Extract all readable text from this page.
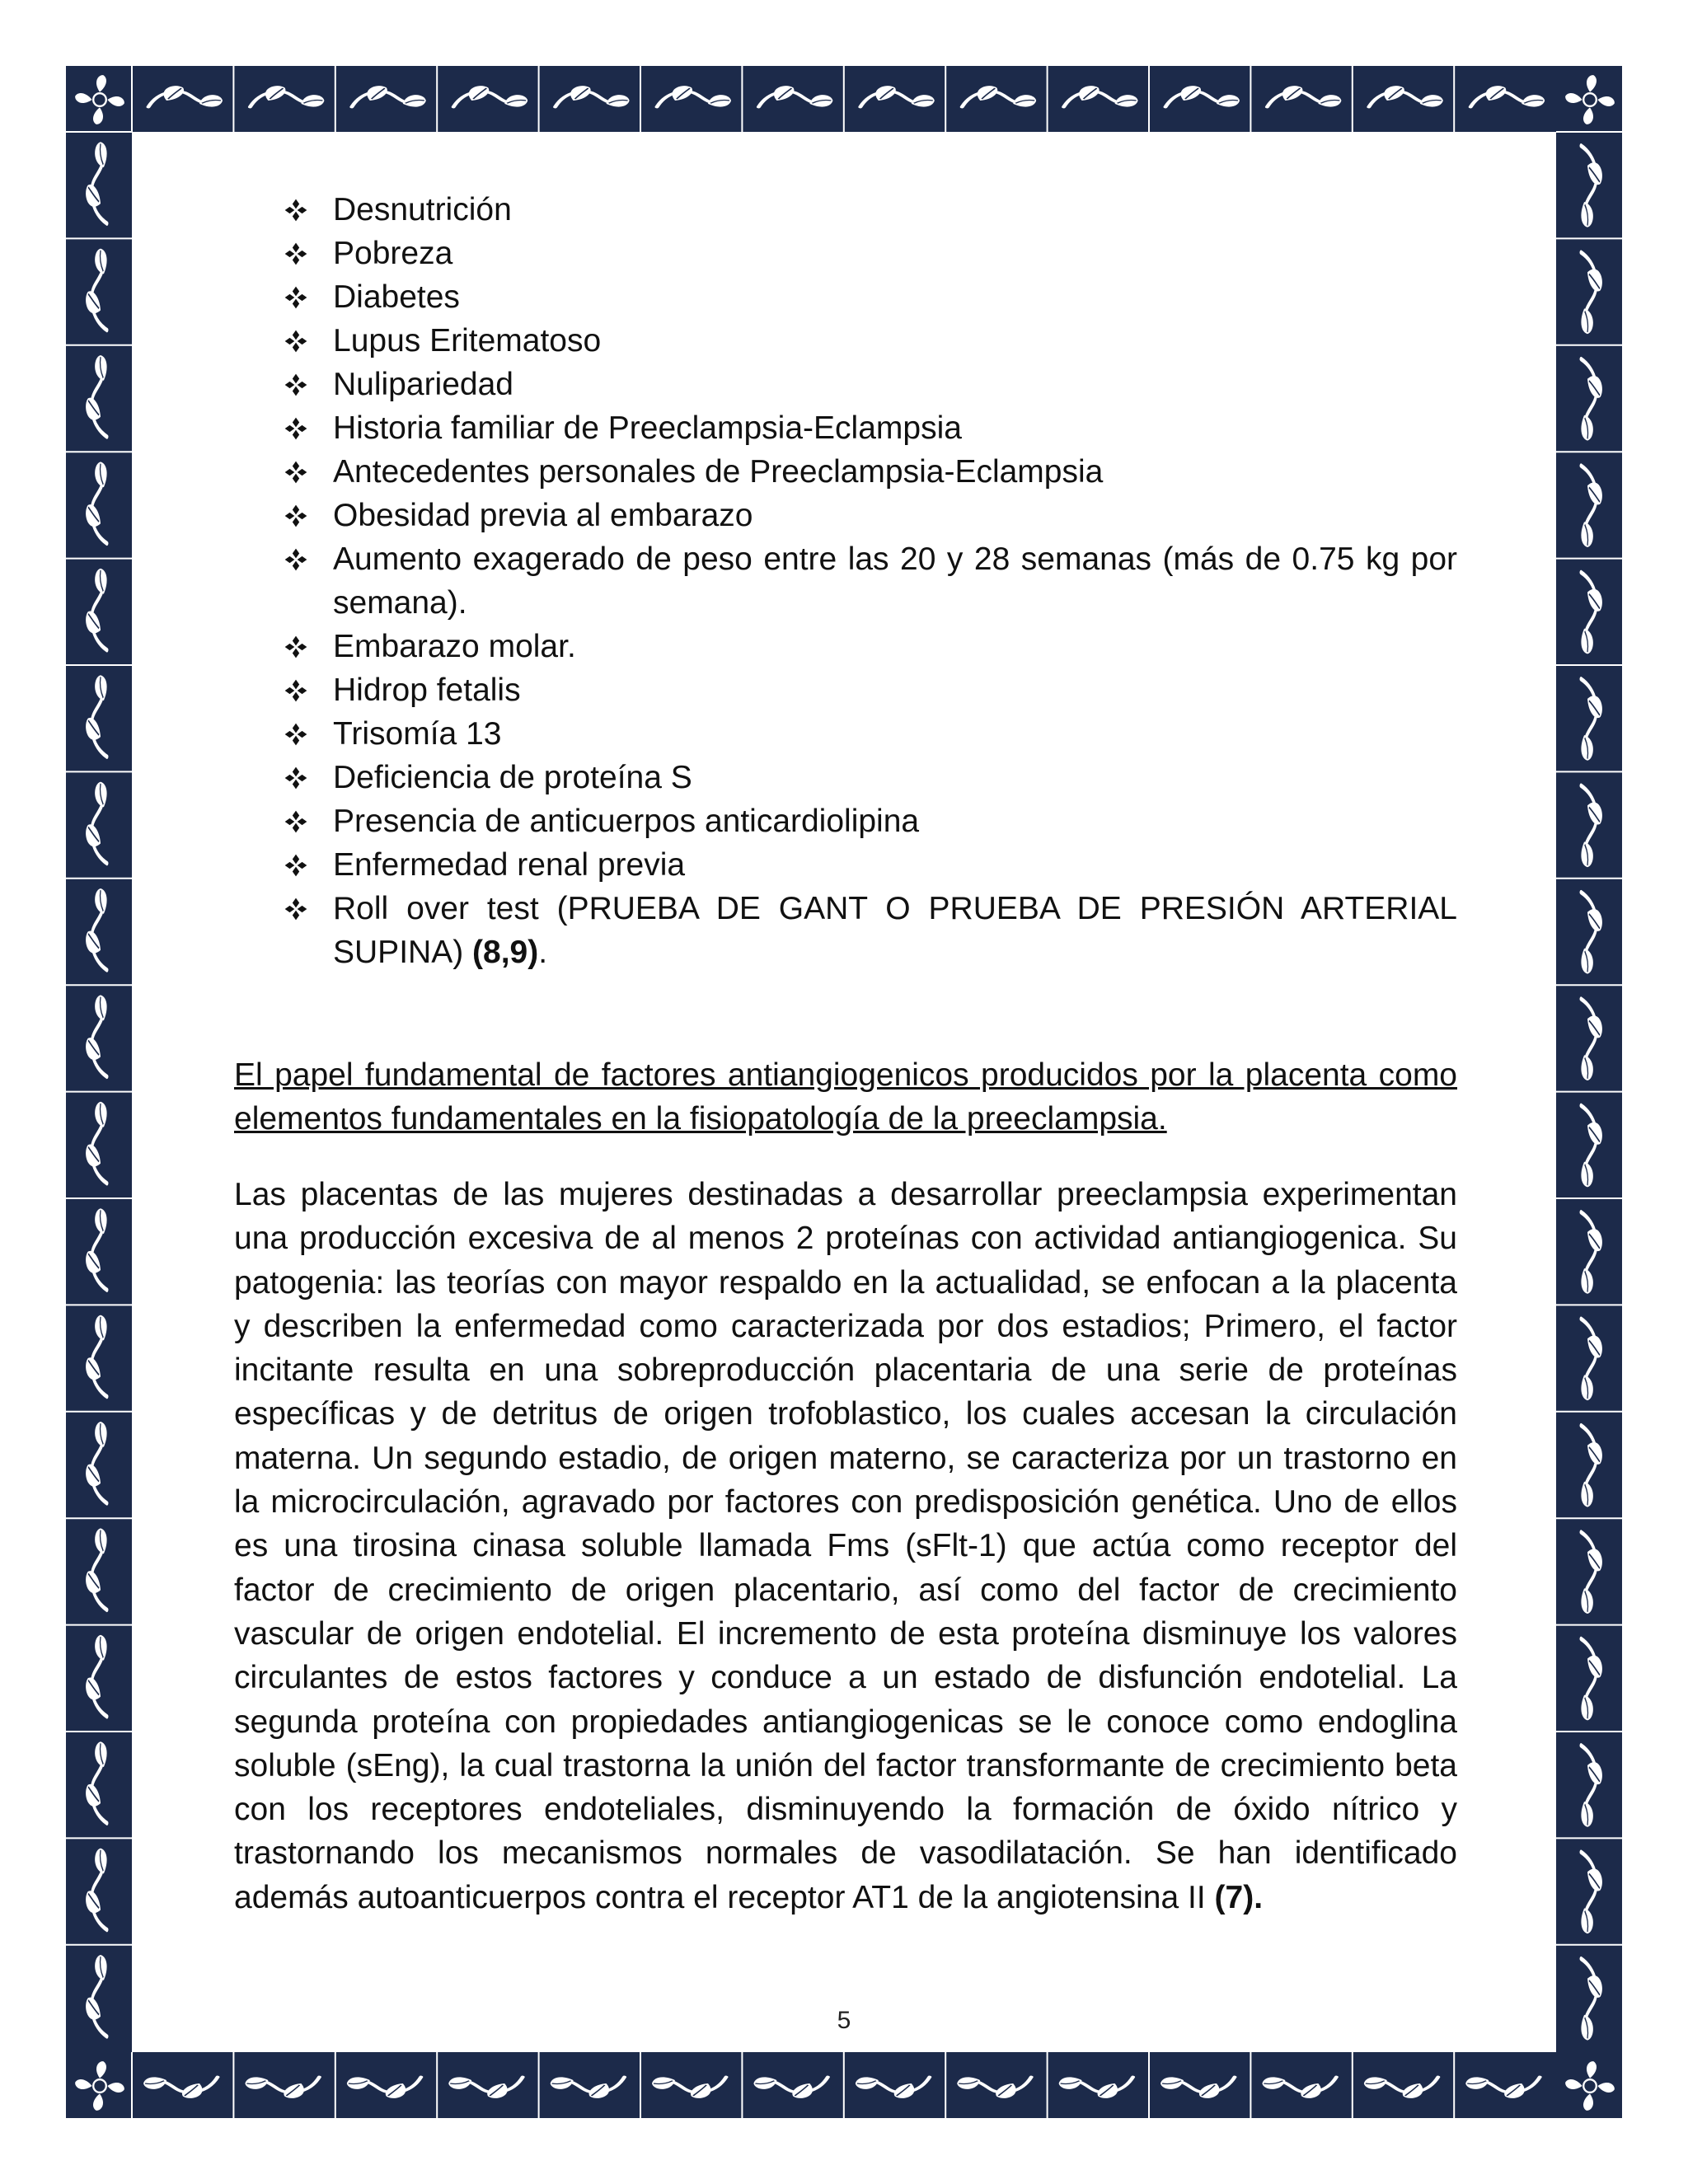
Desnutrición
Pobreza
Diabetes
Lupus Eritematoso
Nulipariedad
Historia familiar de Preeclampsia-Eclampsia
Antecedentes personales de Preeclampsia-Eclampsia
Obesidad previa al embarazo
Aumento exagerado de peso entre las 20 y 28 semanas (más de 0.75 kg por semana).
Embarazo molar.
Hidrop fetalis
Trisomía 13
Deficiencia de proteína S
Presencia de anticuerpos anticardiolipina
Enfermedad renal previa
Roll over test (PRUEBA DE GANT O PRUEBA DE PRESIÓN ARTERIAL SUPINA) (8,9).

El papel fundamental de factores antiangiogenicos producidos por la placenta como elementos fundamentales en la fisiopatología de la preeclampsia.

Las placentas de las mujeres destinadas a desarrollar preeclampsia experimentan una producción excesiva de al menos 2 proteínas con actividad antiangiogenica. Su patogenia: las teorías con mayor respaldo en la actualidad, se enfocan a la placenta y describen la enfermedad como caracterizada por dos estadios; Primero, el factor incitante resulta en una sobreproducción placentaria de una serie de proteínas específicas y de detritus de origen trofoblastico, los cuales accesan la circulación materna. Un segundo estadio, de origen materno, se caracteriza por un trastorno en la microcirculación, agravado por factores con predisposición genética. Uno de ellos es una tirosina cinasa soluble llamada Fms (sFlt-1) que actúa como receptor del factor de crecimiento de origen placentario, así como del factor de crecimiento vascular de origen endotelial. El incremento de esta proteína disminuye los valores circulantes de estos factores y conduce a un estado de disfunción endotelial. La segunda proteína con propiedades antiangiogenicas se le conoce como endoglina soluble (sEng), la cual trastorna la unión del factor transformante de crecimiento beta con los receptores endoteliales, disminuyendo la formación de óxido nítrico y trastornando los mecanismos normales de vasodilatación. Se han identificado además autoanticuerpos contra el receptor AT1 de la angiotensina II (7).

5
